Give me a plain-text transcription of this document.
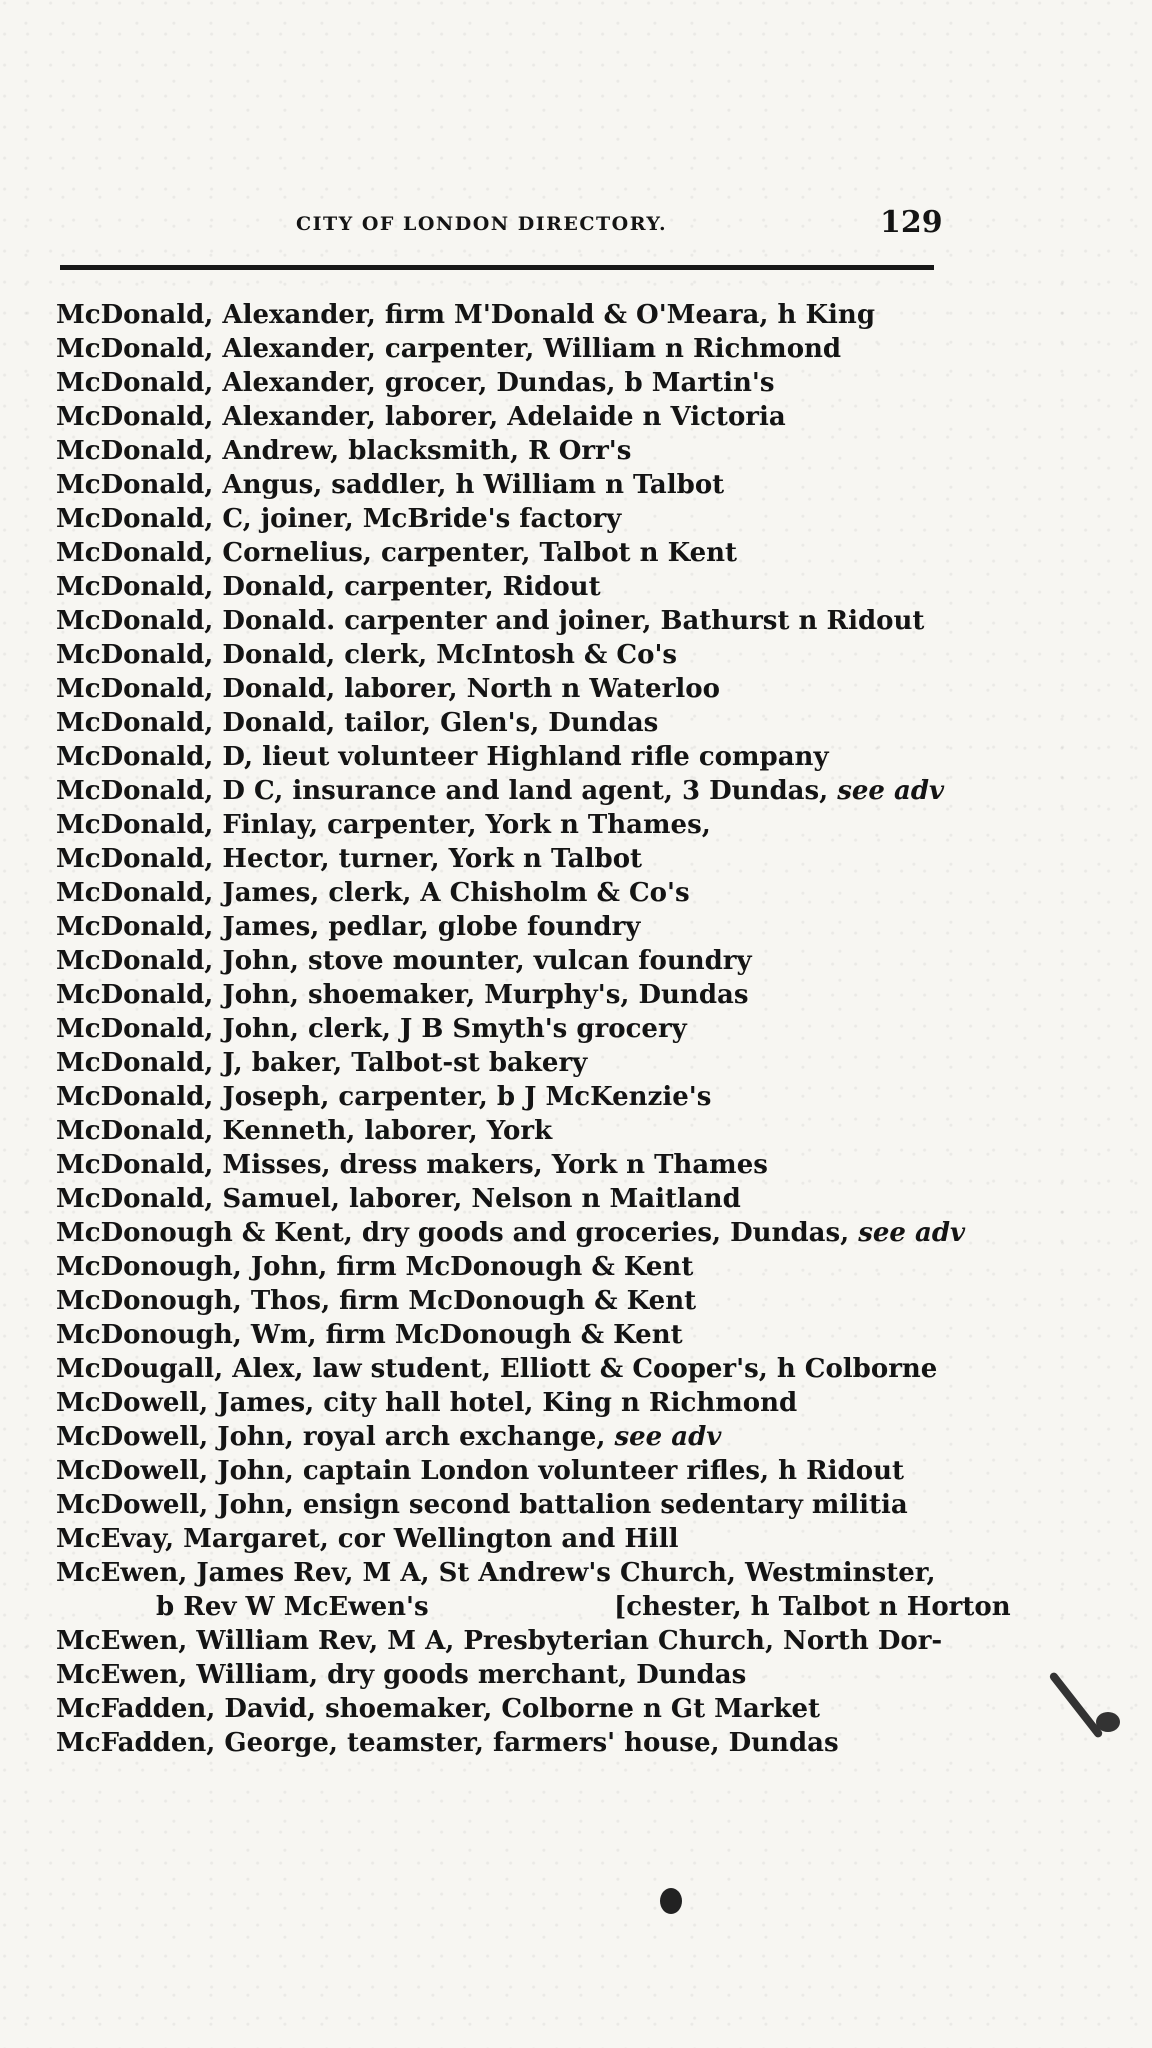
CITY OF LONDON DIRECTORY.	129
McDonald, Alexander, firm M'Donald & O'Meara, h King
McDonald, Alexander, carpenter, William n Richmond
McDonald, Alexander, grocer, Dundas, b Martin's
McDonald, Alexander, laborer, Adelaide n Victoria
McDonald, Andrew, blacksmith, R Orr's
McDonald, Angus, saddler, h William n Talbot
McDonald, C, joiner, McBride's factory
McDonald, Cornelius, carpenter, Talbot n Kent
McDonald, Donald, carpenter, Ridout
McDonald, Donald. carpenter and joiner, Bathurst n Ridout
McDonald, Donald, clerk, McIntosh & Co's
McDonald, Donald, laborer, North n Waterloo
McDonald, Donald, tailor, Glen's, Dundas
McDonald, D, lieut volunteer Highland rifle company
McDonald, D C, insurance and land agent, 3 Dundas, see adv
McDonald, Finlay, carpenter, York n Thames,
McDonald, Hector, turner, York n Talbot
McDonald, James, clerk, A Chisholm & Co's
McDonald, James, pedlar, globe foundry
McDonald, John, stove mounter, vulcan foundry
McDonald, John, shoemaker, Murphy's, Dundas
McDonald, John, clerk, J B Smyth's grocery
McDonald, J, baker, Talbot-st bakery
McDonald, Joseph, carpenter, b J McKenzie's
McDonald, Kenneth, laborer, York
McDonald, Misses, dress makers, York n Thames
McDonald, Samuel, laborer, Nelson n Maitland
McDonough & Kent, dry goods and groceries, Dundas, see adv
McDonough, John, firm McDonough & Kent
McDonough, Thos, firm McDonough & Kent
McDonough, Wm, firm McDonough & Kent
McDougall, Alex, law student, Elliott & Cooper's, h Colborne
McDowell, James, city hall hotel, King n Richmond
McDowell, John, royal arch exchange, see adv
McDowell, John, captain London volunteer rifles, h Ridout
McDowell, John, ensign second battalion sedentary militia
McEvay, Margaret, cor Wellington and Hill
McEwen, James Rev, M A, St Andrew's Church, Westminster,
b Rev W McEwen's	[chester, h Talbot n Horton
McEwen, William Rev, M A, Presbyterian Church, North Dor-
McEwen, William, dry goods merchant, Dundas
McFadden, David, shoemaker, Colborne n Gt Market
McFadden, George, teamster, farmers' house, Dundas
